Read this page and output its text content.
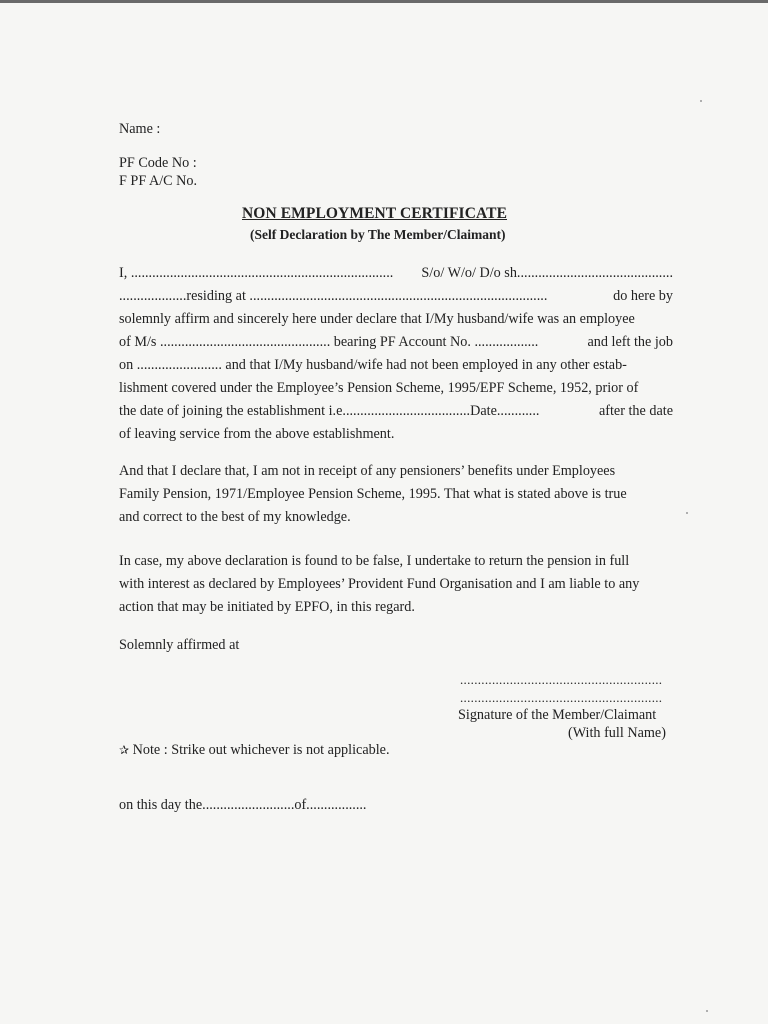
Name :
PF Code No :
F PF A/C No.
NON EMPLOYMENT CERTIFICATE
(Self Declaration by The Member/Claimant)
I, .......................................................................... S/o/ W/o/ D/o sh............................................
...................residing at ....................................................................................	do here by
solemnly affirm and sincerely here under declare that I/My husband/wife was an employee
of M/s ................................................ bearing PF Account No. ..................	and left the job
on ........................ and that I/My husband/wife had not been employed in any other estab-
lishment covered under the Employee’s Pension Scheme, 1995/EPF Scheme, 1952, prior of
the date of joining the establishment i.e....................................Date............	after the date
of leaving service from the above establishment.
And that I declare that, I am not in receipt of any pensioners’ benefits under Employees
Family Pension, 1971/Employee Pension Scheme, 1995. That what is stated above is true
and correct to the best of my knowledge.
In case, my above declaration is found to be false, I undertake to return the pension in full
with interest as declared by Employees’ Provident Fund Organisation and I am liable to any
action that may be initiated by EPFO, in this regard.
Solemnly affirmed at
.........................................................
.........................................................
Signature of the Member/Claimant
(With full Name)
✰ Note : Strike out whichever is not applicable.
on this day the..........................of.................
